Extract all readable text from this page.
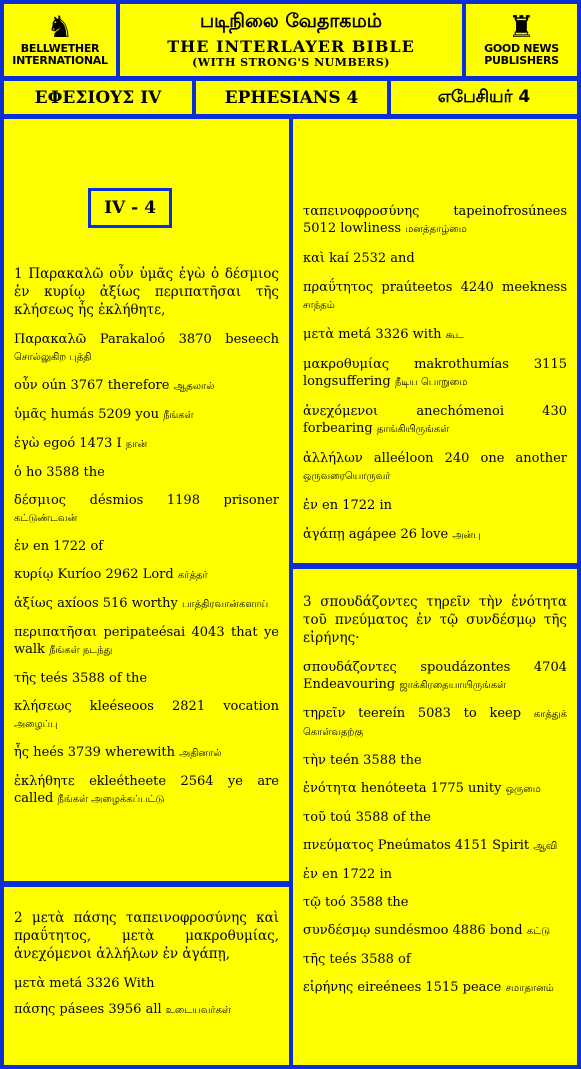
♞
BELLWETHER INTERNATIONAL
படிநிலை வேதாகமம்
THE INTERLAYER BIBLE
(WITH STRONG'S NUMBERS)
♜
GOOD NEWS PUBLISHERS
ΕΦΕΣΙΟΥΣ IV	EPHESIANS 4	எபேசியர் 4
1 Παρακαλῶ οὖν ὑμᾶς ἐγὼ ὁ δέσμιος ἐν κυρίῳ ἀξίως περιπατῆσαι τῆς κλήσεως ἧς ἐκλήθητε,
Παρακαλῶ Parakaloó 3870 beseech சொல்லுகிற புத்தி
οὖν oún 3767 therefore ஆதலால்
ὑμᾶς humás 5209 you நீங்கள்
ἐγὼ egoó 1473 I நான்
ὁ ho 3588 the
δέσμιος désmios 1198 prisoner கட்டுண்டவன்
ἐν en 1722 of
κυρίῳ Kuríoo 2962 Lord கர்த்தர்
ἀξίως axíoos 516 worthy பாத்திரவான்களாய்
περιπατῆσαι peripateésai 4043 that ye walk நீங்கள் நடந்து
τῆς teés 3588 of the
κλήσεως kleéseoos 2821 vocation அழைப்பு
ἧς heés 3739 wherewith அதினால்
ἐκλήθητε ekleétheete 2564 ye are called நீங்கள் அழைக்கப்பட்டு
IV - 4
2 μετὰ πάσης ταπεινοφροσύνης καὶ πραΰτητος, μετὰ μακροθυμίας, ἀνεχόμενοι ἀλλήλων ἐν ἀγάπῃ,
μετὰ metá 3326 With
πάσης pásees 3956 all உடையவர்கள்
ταπεινοφροσύνης	tapeinofrosúnees 5012 lowliness மனத்தாழ்மை
καὶ kaí 2532 and
πραΰτητος praúteetos 4240 meekness சாந்தம்
μετὰ metá 3326 with கூட
μακροθυμίας makrothumías 3115 longsuffering நீடிய பொறுமை
ἀνεχόμενοι	anechómenoi 430 forbearing தாங்கியிருங்கள்
ἀλλήλων alleéloon 240 one another ஒருவரையொருவர்
ἐν en 1722 in
ἀγάπῃ agápee 26 love அன்பு
3 σπουδάζοντες τηρεῖν τὴν ἑνότητα τοῦ πνεύματος ἐν τῷ συνδέσμῳ τῆς εἰρήνης·
σπουδάζοντες spoudázontes 4704 Endeavouring ஜாக்கிரதையாயிருங்கள்
τηρεῖν teereín 5083 to keep காத்துக் கொள்வதற்கு
τὴν teén 3588 the
ἑνότητα henóteeta 1775 unity ஒருமை
τοῦ toú 3588 of the
πνεύματος Pneúmatos 4151 Spirit ஆவி
ἐν en 1722 in
τῷ toó 3588 the
συνδέσμῳ sundésmoo 4886 bond கட்டு
τῆς teés 3588 of
εἰρήνης eireénees 1515 peace சமாதானம்
